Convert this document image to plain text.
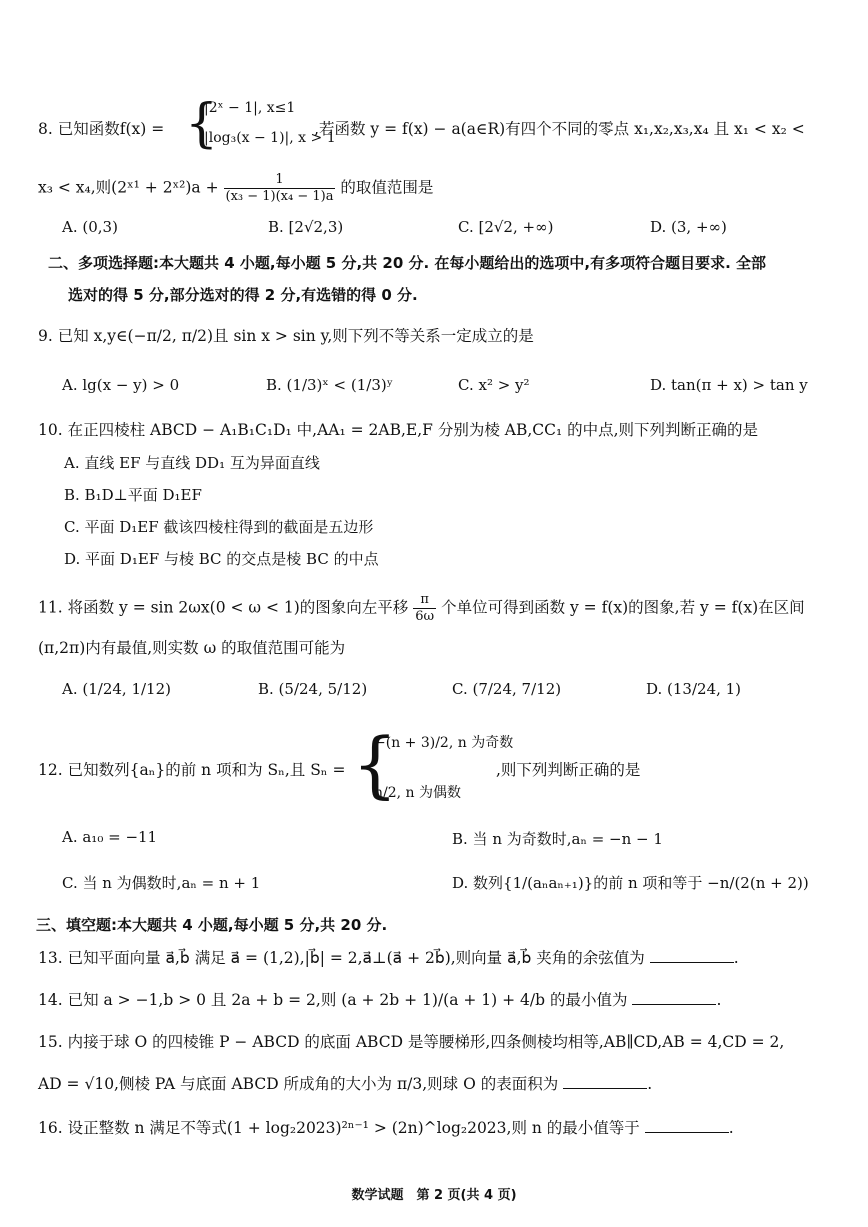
8. 已知函数f(x) =	,若函数 y = f(x) − a(a∈R)有四个不同的零点 x₁,x₂,x₃,x₄ 且 x₁ < x₂ <
{
|2ˣ − 1|, x≤1
|log₃(x − 1)|, x > 1
x₃ < x₄,则(2ˣ¹ + 2ˣ²)a + $\frac{1}{\text{(x₃ − 1)(x₄ − 1)a}}$ 的取值范围是
A. (0,3)	B. [2√2,3)	C. [2√2, +∞)	D. (3, +∞)
二、多项选择题:本大题共 4 小题,每小题 5 分,共 20 分. 在每小题给出的选项中,有多项符合题目要求. 全部
选对的得 5 分,部分选对的得 2 分,有选错的得 0 分.
9. 已知 x,y∈(−π/2, π/2)且 sin x > sin y,则下列不等关系一定成立的是
A. lg(x − y) > 0	B. (1/3)ˣ < (1/3)ʸ	C. x² > y²	D. tan(π + x) > tan y
10. 在正四棱柱 ABCD − A₁B₁C₁D₁ 中,AA₁ = 2AB,E,F 分别为棱 AB,CC₁ 的中点,则下列判断正确的是
A. 直线 EF 与直线 DD₁ 互为异面直线
B. B₁D⊥平面 D₁EF
C. 平面 D₁EF 截该四棱柱得到的截面是五边形
D. 平面 D₁EF 与棱 BC 的交点是棱 BC 的中点
11. 将函数 y = sin 2ωx(0 < ω < 1)的图象向左平移 $\frac{\pi}{6\omega}$ 个单位可得到函数 y = f(x)的图象,若 y = f(x)在区间
(π,2π)内有最值,则实数 ω 的取值范围可能为
A. (1/24, 1/12)	B. (5/24, 5/12)	C. (7/24, 7/12)	D. (13/24, 1)
12. 已知数列{aₙ}的前 n 项和为 Sₙ,且 Sₙ = {
−(n + 3)/2, n 为奇数
n/2, n 为偶数
,则下列判断正确的是
A. a₁₀ = −11	B. 当 n 为奇数时,aₙ = −n − 1
C. 当 n 为偶数时,aₙ = n + 1	D. 数列{1/(aₙaₙ₊₁)}的前 n 项和等于 −n/(2(n + 2))
三、填空题:本大题共 4 小题,每小题 5 分,共 20 分.
13. 已知平面向量 a⃗,b⃗ 满足 a⃗ = (1,2),|b⃗| = 2,a⃗⊥(a⃗ + 2b⃗),则向量 a⃗,b⃗ 夹角的余弦值为	.
14. 已知 a > −1,b > 0 且 2a + b = 2,则 (a + 2b + 1)/(a + 1) + 4/b 的最小值为	.
15. 内接于球 O 的四棱锥 P − ABCD 的底面 ABCD 是等腰梯形,四条侧棱均相等,AB∥CD,AB = 4,CD = 2,
AD = √10,侧棱 PA 与底面 ABCD 所成角的大小为 π/3,则球 O 的表面积为	.
16. 设正整数 n 满足不等式(1 + log₂2023)²ⁿ⁻¹ > (2n)^log₂2023,则 n 的最小值等于	.
数学试题　第 2 页(共 4 页)
